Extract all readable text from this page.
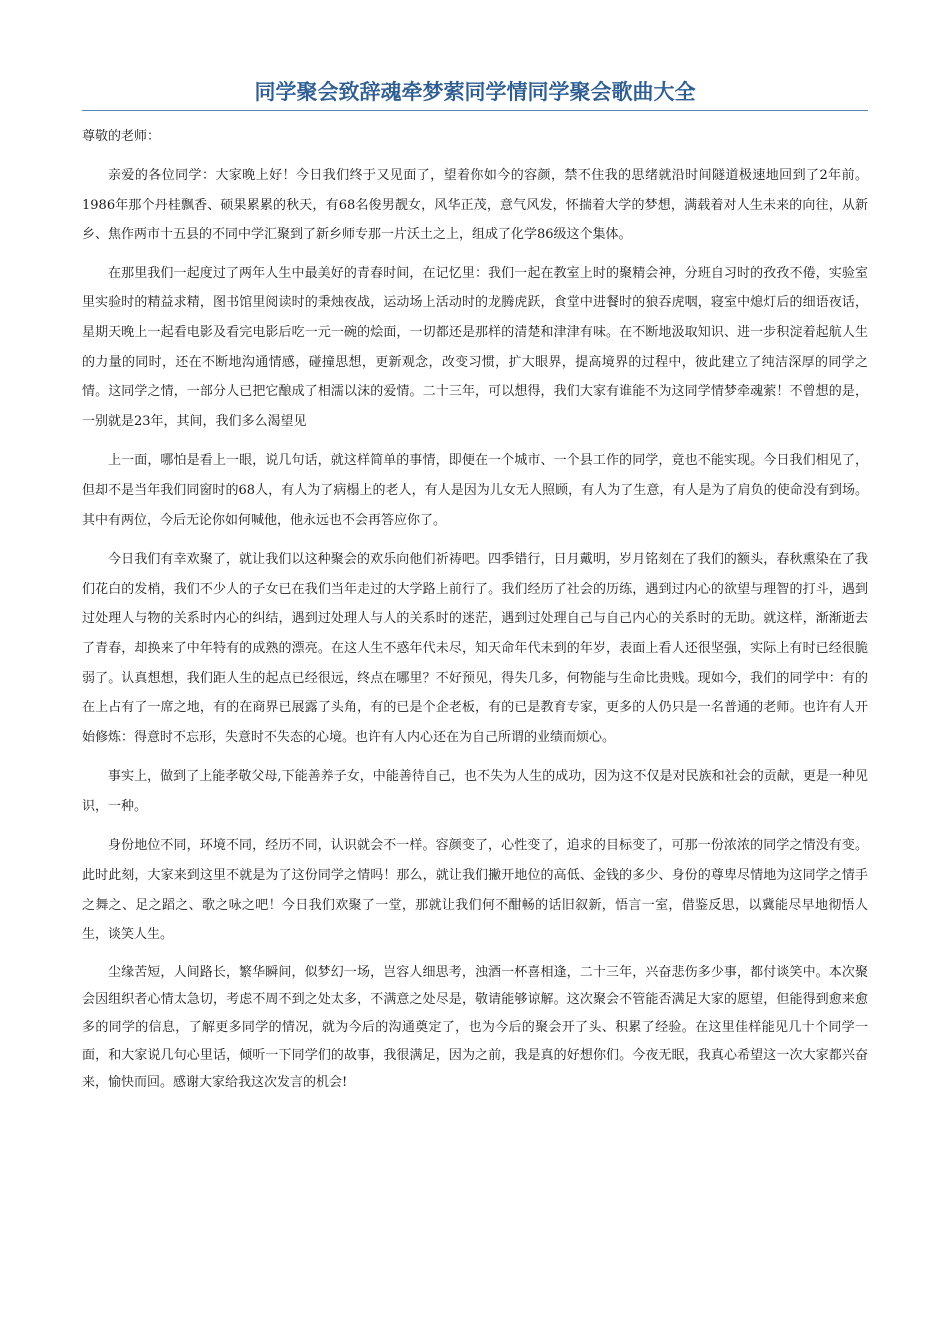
同学聚会致辞魂牵梦萦同学情同学聚会歌曲大全

尊敬的老师：

亲爱的各位同学：大家晚上好！今日我们终于又见面了，望着你如今的容颜，禁不住我的思绪就沿时间隧道极速地回到了2年前。1986年那个丹桂飘香、硕果累累的秋天，有68名俊男靓女，风华正茂，意气风发，怀揣着大学的梦想，满载着对人生未来的向往，从新乡、焦作两市十五县的不同中学汇聚到了新乡师专那一片沃土之上，组成了化学86级这个集体。

在那里我们一起度过了两年人生中最美好的青春时间，在记忆里：我们一起在教室上时的聚精会神，分班自习时的孜孜不倦，实验室里实验时的精益求精，图书馆里阅读时的秉烛夜战，运动场上活动时的龙腾虎跃，食堂中进餐时的狼吞虎咽，寝室中熄灯后的细语夜话，星期天晚上一起看电影及看完电影后吃一元一碗的烩面，一切都还是那样的清楚和津津有味。在不断地汲取知识、进一步积淀着起航人生的力量的同时，还在不断地沟通情感，碰撞思想，更新观念，改变习惯，扩大眼界，提高境界的过程中，彼此建立了纯洁深厚的同学之情。这同学之情，一部分人已把它酿成了相濡以沫的爱情。二十三年，可以想得，我们大家有谁能不为这同学情梦牵魂萦！不曾想的是，一别就是23年，其间，我们多么渴望见

上一面，哪怕是看上一眼，说几句话，就这样简单的事情，即便在一个城市、一个县工作的同学，竟也不能实现。今日我们相见了，但却不是当年我们同窗时的68人，有人为了病榻上的老人，有人是因为儿女无人照顾，有人为了生意，有人是为了肩负的使命没有到场。其中有两位，今后无论你如何喊他，他永远也不会再答应你了。

今日我们有幸欢聚了，就让我们以这种聚会的欢乐向他们祈祷吧。四季错行，日月戴明，岁月铭刻在了我们的额头，春秋熏染在了我们花白的发梢，我们不少人的子女已在我们当年走过的大学路上前行了。我们经历了社会的历练，遇到过内心的欲望与理智的打斗，遇到过处理人与物的关系时内心的纠结，遇到过处理人与人的关系时的迷茫，遇到过处理自己与自己内心的关系时的无助。就这样，渐渐逝去了青春，却换来了中年特有的成熟的漂亮。在这人生不惑年代未尽，知天命年代未到的年岁，表面上看人还很坚强，实际上有时已经很脆弱了。认真想想，我们距人生的起点已经很远，终点在哪里？不好预见，得失几多，何物能与生命比贵贱。现如今，我们的同学中：有的在上占有了一席之地，有的在商界已展露了头角，有的已是个企老板，有的已是教育专家，更多的人仍只是一名普通的老师。也许有人开始修炼：得意时不忘形，失意时不失态的心境。也许有人内心还在为自己所谓的业绩而烦心。

事实上，做到了上能孝敬父母,下能善养子女，中能善待自己，也不失为人生的成功，因为这不仅是对民族和社会的贡献，更是一种见识，一种。

身份地位不同，环境不同，经历不同，认识就会不一样。容颜变了，心性变了，追求的目标变了，可那一份浓浓的同学之情没有变。此时此刻，大家来到这里不就是为了这份同学之情吗！那么，就让我们撇开地位的高低、金钱的多少、身份的尊卑尽情地为这同学之情手之舞之、足之蹈之、歌之咏之吧！今日我们欢聚了一堂，那就让我们何不酣畅的话旧叙新，悟言一室，借鉴反思，以冀能尽早地彻悟人生，谈笑人生。

尘缘苦短，人间路长，繁华瞬间，似梦幻一场，岂容人细思考，浊酒一杯喜相逢，二十三年，兴奋悲伤多少事，都付谈笑中。本次聚会因组织者心情太急切，考虑不周不到之处太多，不满意之处尽是，敬请能够谅解。这次聚会不管能否满足大家的愿望，但能得到愈来愈多的同学的信息，了解更多同学的情况，就为今后的沟通奠定了，也为今后的聚会开了头、积累了经验。在这里佳样能见几十个同学一面，和大家说几句心里话，倾听一下同学们的故事，我很满足，因为之前，我是真的好想你们。今夜无眠，我真心希望这一次大家都兴奋来，愉快而回。感谢大家给我这次发言的机会!
